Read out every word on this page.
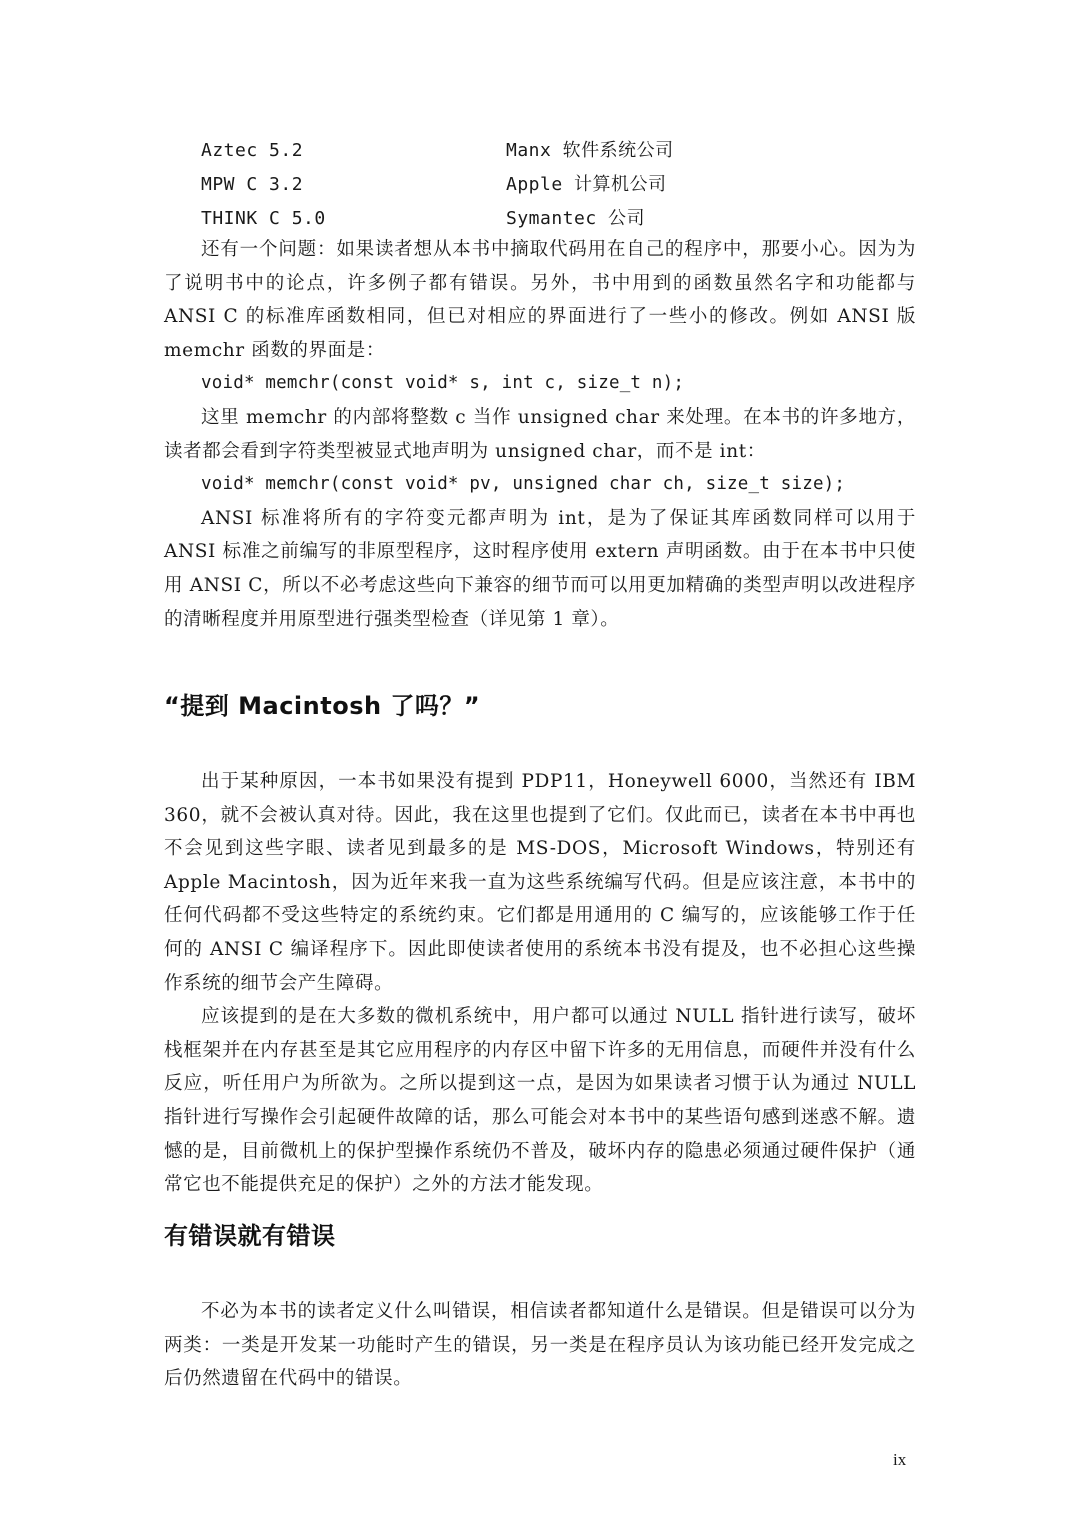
Aztec 5.2	Manx 软件系统公司
MPW C 3.2	Apple 计算机公司
THINK C 5.0	Symantec 公司

还有一个问题：如果读者想从本书中摘取代码用在自己的程序中，那要小心。因为为了说明书中的论点，许多例子都有错误。另外，书中用到的函数虽然名字和功能都与 ANSI C 的标准库函数相同，但已对相应的界面进行了一些小的修改。例如 ANSI 版 memchr 函数的界面是：

void* memchr(const void* s, int c, size_t n);

这里 memchr 的内部将整数 c 当作 unsigned char 来处理。在本书的许多地方，读者都会看到字符类型被显式地声明为 unsigned char，而不是 int：

void* memchr(const void* pv, unsigned char ch, size_t size);

ANSI 标准将所有的字符变元都声明为 int，是为了保证其库函数同样可以用于 ANSI 标准之前编写的非原型程序，这时程序使用 extern 声明函数。由于在本书中只使用 ANSI C，所以不必考虑这些向下兼容的细节而可以用更加精确的类型声明以改进程序的清晰程度并用原型进行强类型检查（详见第 1 章）。

“提到 Macintosh 了吗？”

出于某种原因，一本书如果没有提到 PDP11，Honeywell 6000，当然还有 IBM 360，就不会被认真对待。因此，我在这里也提到了它们。仅此而已，读者在本书中再也不会见到这些字眼、读者见到最多的是 MS-DOS，Microsoft Windows，特别还有 Apple Macintosh，因为近年来我一直为这些系统编写代码。但是应该注意，本书中的任何代码都不受这些特定的系统约束。它们都是用通用的 C 编写的，应该能够工作于任何的 ANSI C 编译程序下。因此即使读者使用的系统本书没有提及，也不必担心这些操作系统的细节会产生障碍。

应该提到的是在大多数的微机系统中，用户都可以通过 NULL 指针进行读写，破坏栈框架并在内存甚至是其它应用程序的内存区中留下许多的无用信息，而硬件并没有什么反应，听任用户为所欲为。之所以提到这一点，是因为如果读者习惯于认为通过 NULL 指针进行写操作会引起硬件故障的话，那么可能会对本书中的某些语句感到迷惑不解。遗憾的是，目前微机上的保护型操作系统仍不普及，破坏内存的隐患必须通过硬件保护（通常它也不能提供充足的保护）之外的方法才能发现。

有错误就有错误

不必为本书的读者定义什么叫错误，相信读者都知道什么是错误。但是错误可以分为两类：一类是开发某一功能时产生的错误，另一类是在程序员认为该功能已经开发完成之后仍然遗留在代码中的错误。

ix
